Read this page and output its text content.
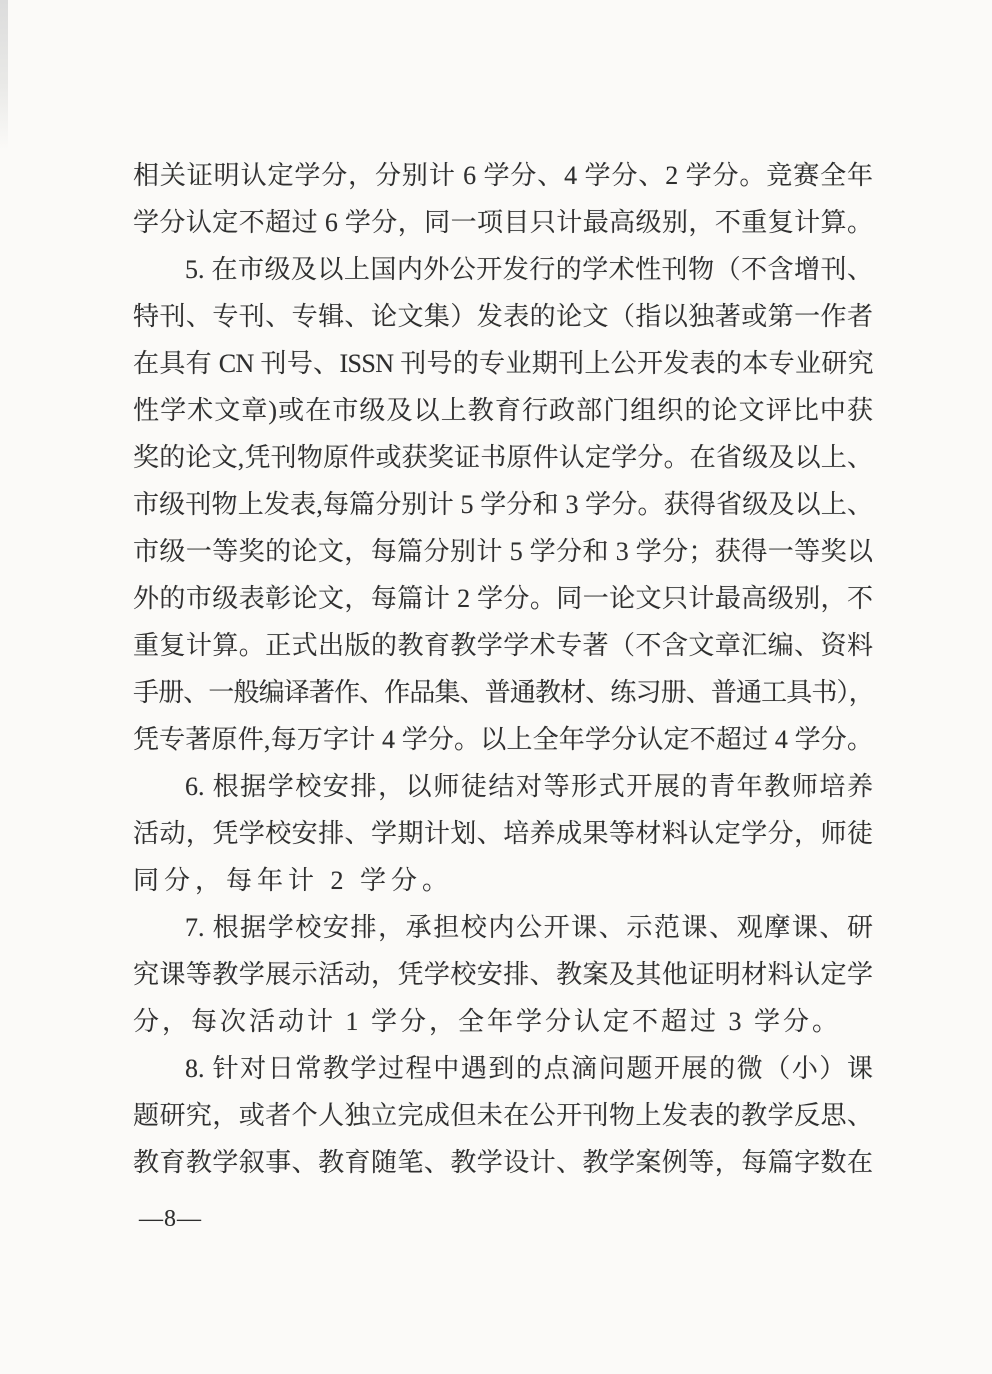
相关证明认定学分，分别计 6 学分、4 学分、2 学分。竞赛全年
学分认定不超过 6 学分，同一项目只计最高级别，不重复计算。
5. 在市级及以上国内外公开发行的学术性刊物（不含增刊、
特刊、专刊、专辑、论文集）发表的论文（指以独著或第一作者
在具有 CN 刊号、ISSN 刊号的专业期刊上公开发表的本专业研究
性学术文章)或在市级及以上教育行政部门组织的论文评比中获
奖的论文,凭刊物原件或获奖证书原件认定学分。在省级及以上、
市级刊物上发表,每篇分别计 5 学分和 3 学分。获得省级及以上、
市级一等奖的论文，每篇分别计 5 学分和 3 学分；获得一等奖以
外的市级表彰论文，每篇计 2 学分。同一论文只计最高级别，不
重复计算。正式出版的教育教学学术专著（不含文章汇编、资料
手册、一般编译著作、作品集、普通教材、练习册、普通工具书），
凭专著原件,每万字计 4 学分。以上全年学分认定不超过 4 学分。
6. 根据学校安排，以师徒结对等形式开展的青年教师培养
活动，凭学校安排、学期计划、培养成果等材料认定学分，师徒
同分，每年计 2 学分。
7. 根据学校安排，承担校内公开课、示范课、观摩课、研
究课等教学展示活动，凭学校安排、教案及其他证明材料认定学
分，每次活动计 1 学分，全年学分认定不超过 3 学分。
8. 针对日常教学过程中遇到的点滴问题开展的微（小）课
题研究，或者个人独立完成但未在公开刊物上发表的教学反思、
教育教学叙事、教育随笔、教学设计、教学案例等，每篇字数在
—8—
